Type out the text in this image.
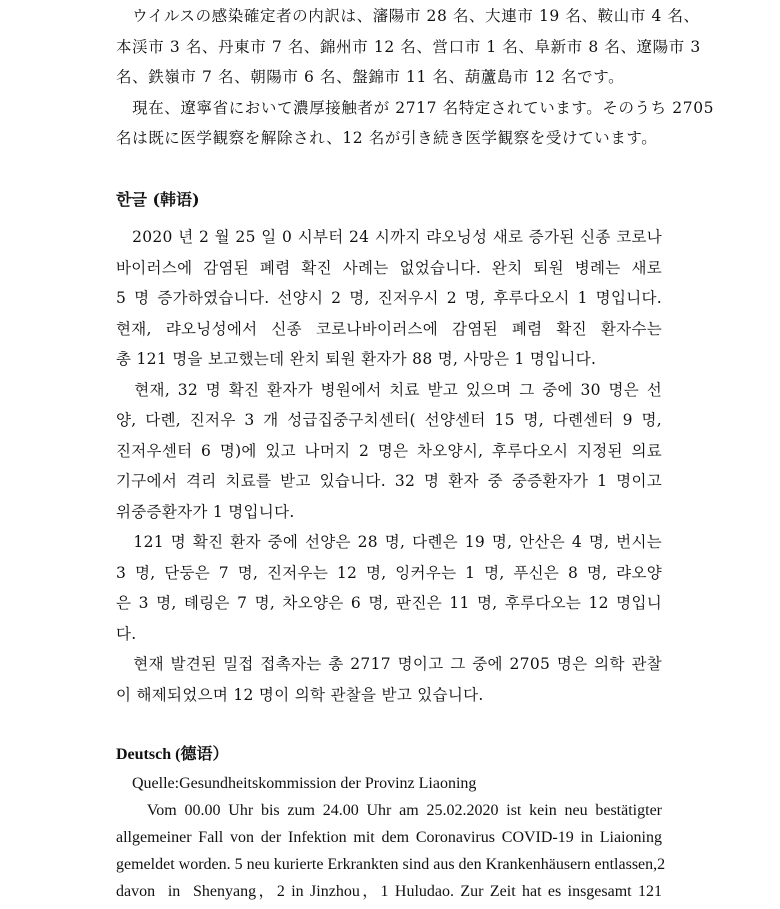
　ウイルスの感染確定者の内訳は、瀋陽市 28 名、大連市 19 名、鞍山市 4 名、
本渓市 3 名、丹東市 7 名、錦州市 12 名、営口市 1 名、阜新市 8 名、遼陽市 3
名、鉄嶺市 7 名、朝陽市 6 名、盤錦市 11 名、葫蘆島市 12 名です。
　現在、遼寧省において濃厚接触者が 2717 名特定されています。そのうち 2705
名は既に医学観察を解除され、12 名が引き続き医学観察を受けています。
한글 (韩语)
　2020 년 2 월 25 일 0 시부터 24 시까지 랴오닝성 새로 증가된 신종 코로나
바이러스에 감염된 폐렴 확진 사례는 없었습니다. 완치 퇴원 병례는 새로
5 명 증가하였습니다. 선양시 2 명, 진저우시 2 명, 후루다오시 1 명입니다.
현재, 랴오닝성에서 신종 코로나바이러스에 감염된 폐렴 확진 환자수는
총 121 명을 보고했는데 완치 퇴원 환자가 88 명, 사망은 1 명입니다.
　현재, 32 명 확진 환자가 병원에서 치료 받고 있으며 그 중에 30 명은 선
양, 다롄, 진저우 3 개 성급집중구치센터( 선양센터 15 명, 다롄센터 9 명,
진저우센터 6 명)에 있고 나머지 2 명은 차오양시, 후루다오시 지정된 의료
기구에서 격리 치료를 받고 있습니다. 32 명 환자 중 중증환자가 1 명이고
위중증환자가 1 명입니다.
　121 명 확진 환자 중에 선양은 28 명, 다롄은 19 명, 안산은 4 명, 번시는
3 명, 단둥은 7 명, 진저우는 12 명, 잉커우는 1 명, 푸신은 8 명, 랴오양
은 3 명, 톄링은 7 명, 차오양은 6 명, 판진은 11 명, 후루다오는 12 명입니
다.
　현재 발견된 밀접 접촉자는 총 2717 명이고 그 중에 2705 명은 의학 관찰
이 해제되었으며 12 명이 의학 관찰을 받고 있습니다.
Deutsch (德语）
Quelle:Gesundheitskommission der Provinz Liaoning
Vom 00.00 Uhr bis zum 24.00 Uhr am 25.02.2020 ist kein neu bestätigter
allgemeiner Fall von der Infektion mit dem Coronavirus COVID-19 in Liaioning
gemeldet worden. 5 neu kurierte Erkrankten sind aus den Krankenhäusern entlassen,2
davon  in  Shenyang，2 in Jinzhou，1 Huludao. Zur Zeit hat es insgesamt 121
